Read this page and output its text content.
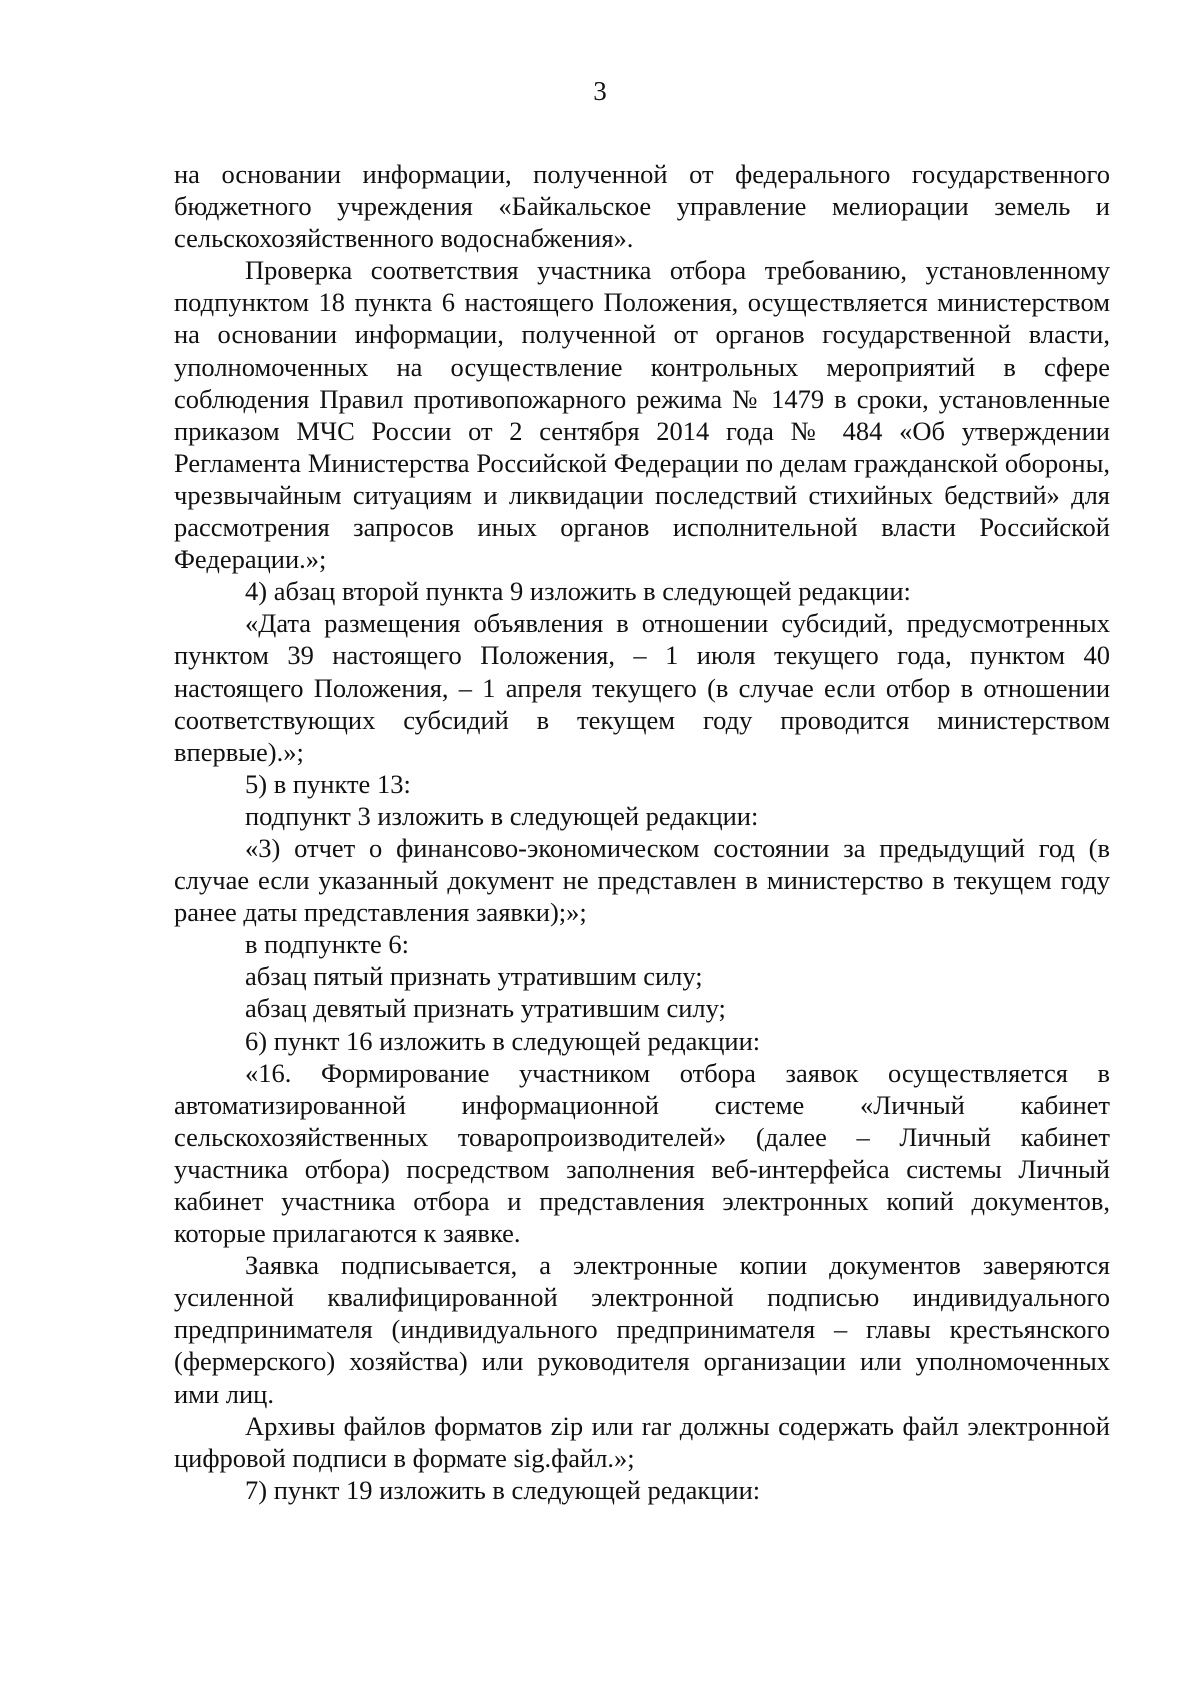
3

на основании информации, полученной от федерального государственного бюджетного учреждения «Байкальское управление мелиорации земель и сельскохозяйственного водоснабжения».

Проверка соответствия участника отбора требованию, установленному подпунктом 18 пункта 6 настоящего Положения, осуществляется министерством на основании информации, полученной от органов государственной власти, уполномоченных на осуществление контрольных мероприятий в сфере соблюдения Правил противопожарного режима № 1479 в сроки, установленные приказом МЧС России от 2 сентября 2014 года № 484 «Об утверждении Регламента Министерства Российской Федерации по делам гражданской обороны, чрезвычайным ситуациям и ликвидации последствий стихийных бедствий» для рассмотрения запросов иных органов исполнительной власти Российской Федерации.»;

4) абзац второй пункта 9 изложить в следующей редакции:

«Дата размещения объявления в отношении субсидий, предусмотренных пунктом 39 настоящего Положения, – 1 июля текущего года, пунктом 40 настоящего Положения, – 1 апреля текущего (в случае если отбор в отношении соответствующих субсидий в текущем году проводится министерством впервые).»;

5) в пункте 13:

подпункт 3 изложить в следующей редакции:

«3) отчет о финансово-экономическом состоянии за предыдущий год (в случае если указанный документ не представлен в министерство в текущем году ранее даты представления заявки);»;

в подпункте 6:

абзац пятый признать утратившим силу;

абзац девятый признать утратившим силу;

6) пункт 16 изложить в следующей редакции:

«16. Формирование участником отбора заявок осуществляется в автоматизированной информационной системе «Личный кабинет сельскохозяйственных товаропроизводителей» (далее – Личный кабинет участника отбора) посредством заполнения веб-интерфейса системы Личный кабинет участника отбора и представления электронных копий документов, которые прилагаются к заявке.

Заявка подписывается, а электронные копии документов заверяются усиленной квалифицированной электронной подписью индивидуального предпринимателя (индивидуального предпринимателя – главы крестьянского (фермерского) хозяйства) или руководителя организации или уполномоченных ими лиц.

Архивы файлов форматов zip или rar должны содержать файл электронной цифровой подписи в формате sig.файл.»;

7) пункт 19 изложить в следующей редакции:
